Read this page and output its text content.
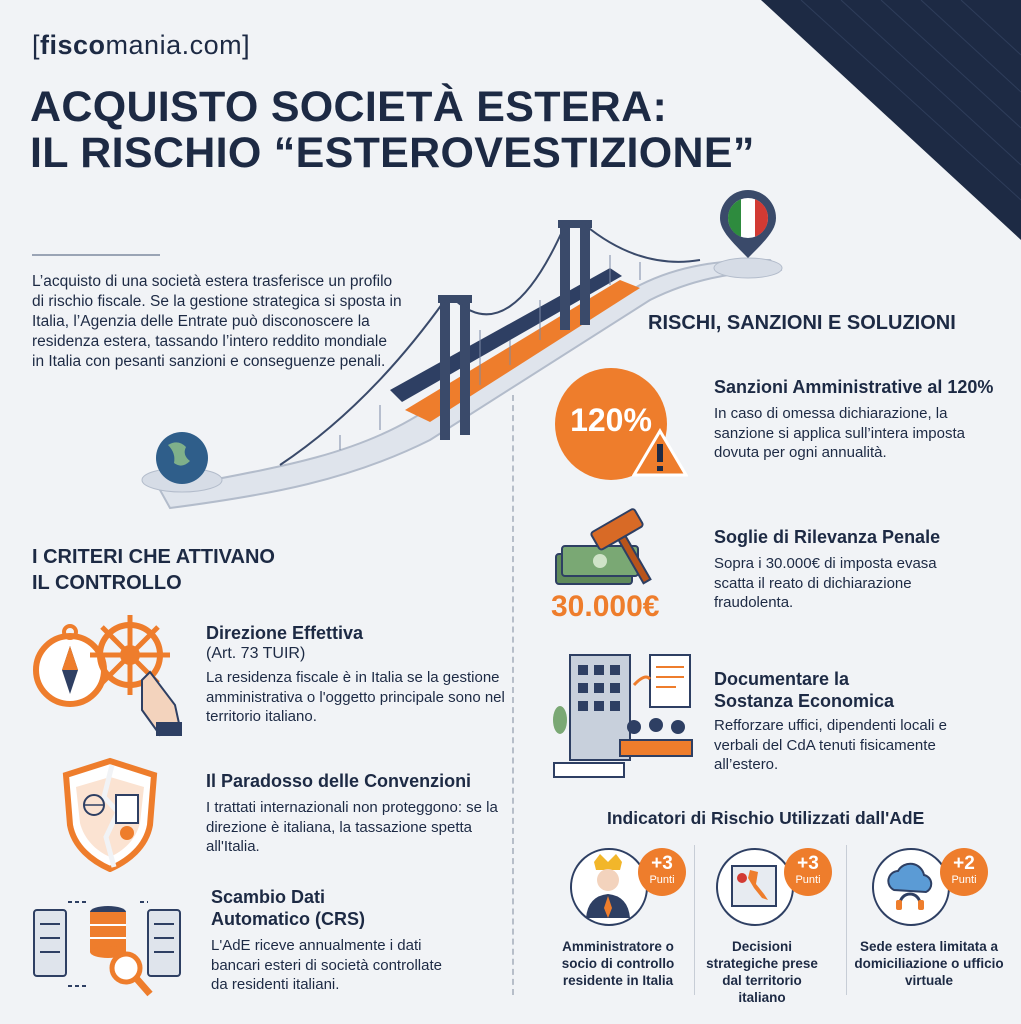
[fiscomania.com]
ACQUISTO SOCIETÀ ESTERA:
IL RISCHIO “ESTEROVESTIZIONE”

L’acquisto di una società estera trasferisce un profilo di rischio fiscale. Se la gestione strategica si sposta in Italia, l’Agenzia delle Entrate può disconoscere la residenza estera, tassando l’intero reddito mondiale in Italia con pesanti sanzioni e conseguenze penali.

I CRITERI CHE ATTIVANO
IL CONTROLLO

Direzione Effettiva

(Art. 73 TUIR)

La residenza fiscale è in Italia se la gestione amministrativa o l'oggetto principale sono nel territorio italiano.

Il Paradosso delle Convenzioni

I trattati internazionali non proteggono: se la direzione è italiana, la tassazione spetta all'Italia.

Scambio Dati

Automatico (CRS)

L'AdE riceve annualmente i dati bancari esteri di società controllate da residenti italiani.

RISCHI, SANZIONI E SOLUZIONI
120%

Sanzioni Amministrative al 120%

In caso di omessa dichiarazione, la sanzione si applica sull’intera imposta dovuta per ogni annualità.

30.000€

Soglie di Rilevanza Penale

Sopra i 30.000€ di imposta evasa scatta il reato di dichiarazione fraudolenta.

Documentare la

Sostanza Economica

Refforzare uffici, dipendenti locali e verbali del CdA tenuti fisicamente all’estero.

Indicatori di Rischio Utilizzati dall'AdE
+3
Punti

Amministratore o socio di controllo residente in Italia

+3
Punti

Decisioni strategiche prese dal territorio italiano

+2
Punti

Sede estera limitata a domiciliazione o ufficio virtuale
